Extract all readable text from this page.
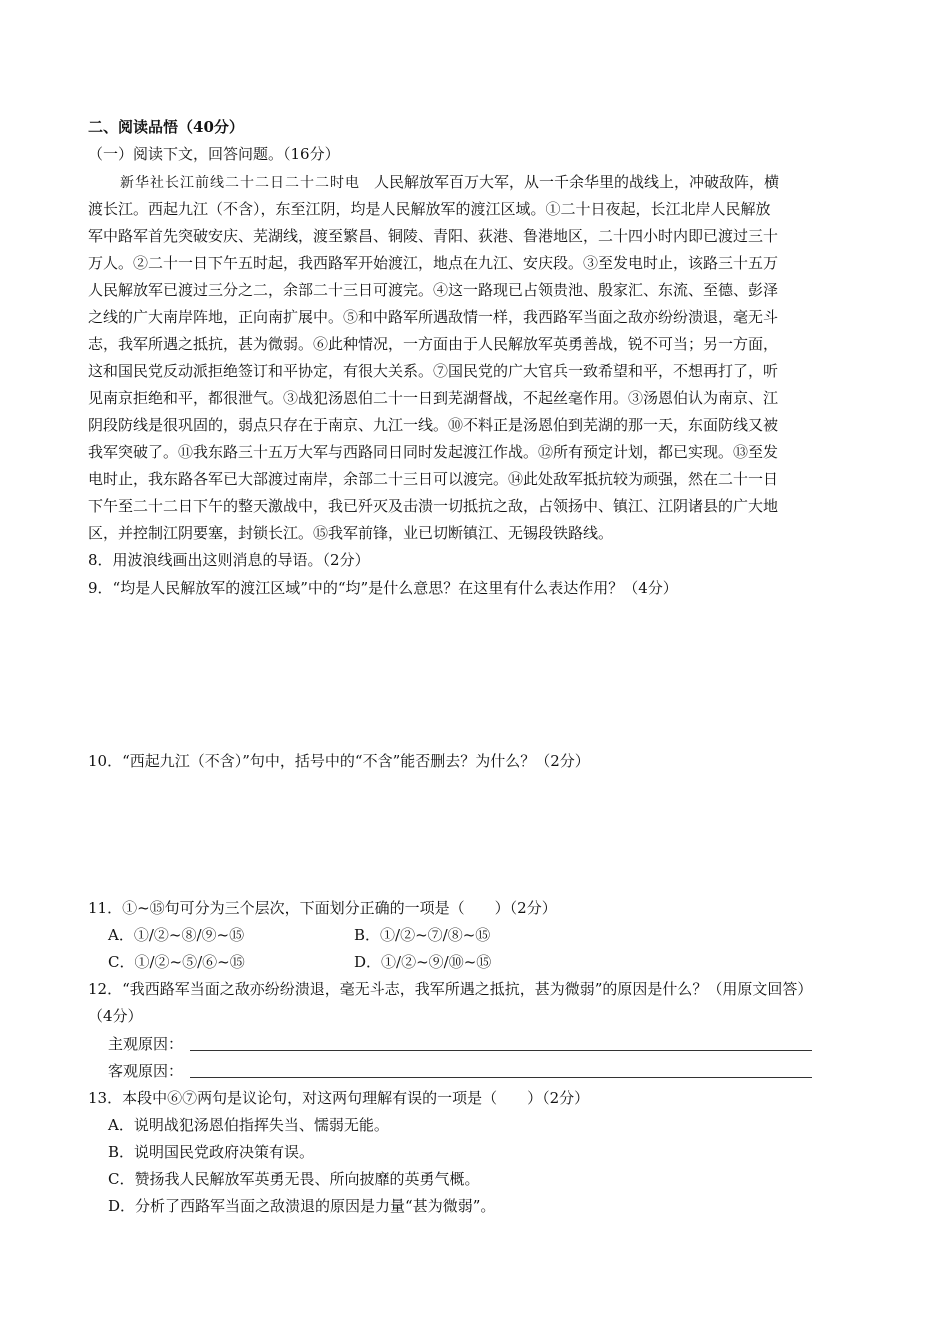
二、阅读品悟（40分）
（一）阅读下文，回答问题。（16分）
新华社长江前线二十二日二十二时电 人民解放军百万大军，从一千余华里的战线上，冲破敌阵，横
渡长江。西起九江（不含），东至江阴，均是人民解放军的渡江区域。①二十日夜起，长江北岸人民解放
军中路军首先突破安庆、芜湖线，渡至繁昌、铜陵、青阳、荻港、鲁港地区，二十四小时内即已渡过三十
万人。②二十一日下午五时起，我西路军开始渡江，地点在九江、安庆段。③至发电时止，该路三十五万
人民解放军已渡过三分之二，余部二十三日可渡完。④这一路现已占领贵池、殷家汇、东流、至德、彭泽
之线的广大南岸阵地，正向南扩展中。⑤和中路军所遇敌情一样，我西路军当面之敌亦纷纷溃退，毫无斗
志，我军所遇之抵抗，甚为微弱。⑥此种情况，一方面由于人民解放军英勇善战，锐不可当；另一方面，
这和国民党反动派拒绝签订和平协定，有很大关系。⑦国民党的广大官兵一致希望和平，不想再打了，听
见南京拒绝和平，都很泄气。③战犯汤恩伯二十一日到芜湖督战，不起丝毫作用。③汤恩伯认为南京、江
阴段防线是很巩固的，弱点只存在于南京、九江一线。⑩不料正是汤恩伯到芜湖的那一天，东面防线又被
我军突破了。⑪我东路三十五万大军与西路同日同时发起渡江作战。⑫所有预定计划，都已实现。⑬至发
电时止，我东路各军已大部渡过南岸，余部二十三日可以渡完。⑭此处敌军抵抗较为顽强，然在二十一日
下午至二十二日下午的整天激战中，我已歼灭及击溃一切抵抗之敌，占领扬中、镇江、江阴诸县的广大地
区，并控制江阴要塞，封锁长江。⑮我军前锋，业已切断镇江、无锡段铁路线。
8．用波浪线画出这则消息的导语。（2分）
9．“均是人民解放军的渡江区域”中的“均”是什么意思？在这里有什么表达作用？（4分）
10．“西起九江（不含）”句中，括号中的“不含”能否删去？为什么？（2分）
11．①~⑮句可分为三个层次，下面划分正确的一项是（　　）（2分）
A．①/②~⑧/⑨~⑮	B．①/②~⑦/⑧~⑮
C．①/②~⑤/⑥~⑮	D．①/②~⑨/⑩~⑮
12．“我西路军当面之敌亦纷纷溃退，毫无斗志，我军所遇之抵抗，甚为微弱”的原因是什么？（用原文回答）
（4分）
主观原因：
客观原因：
13．本段中⑥⑦两句是议论句，对这两句理解有误的一项是（　　）（2分）
A．说明战犯汤恩伯指挥失当、懦弱无能。
B．说明国民党政府决策有误。
C．赞扬我人民解放军英勇无畏、所向披靡的英勇气概。
D．分析了西路军当面之敌溃退的原因是力量“甚为微弱”。
